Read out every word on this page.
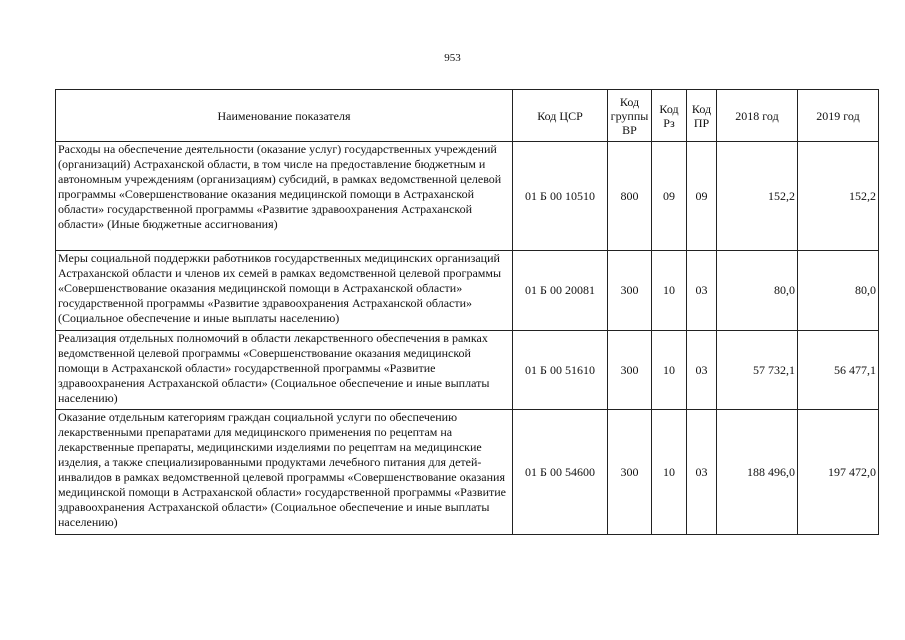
953
Наименование показателя	Код ЦСР	Код группы ВР	Код Рз	Код ПР	2018 год	2019 год
Расходы на обеспечение деятельности (оказание услуг) государственных учреждений (организаций) Астраханской области, в том числе на предоставление бюджетным и автономным учреждениям (организациям) субсидий, в рамках ведомственной целевой программы «Совершенствование оказания медицинской помощи в Астраханской области» государственной программы «Развитие здравоохранения Астраханской области» (Иные бюджетные ассигнования)	01 Б 00 10510	800	09	09	152,2	152,2
Меры социальной поддержки работников государственных медицинских организаций Астраханской области и членов их семей в рамках ведомственной целевой программы «Совершенствование оказания медицинской помощи в Астраханской области» государственной программы «Развитие здравоохранения Астраханской области» (Социальное обеспечение и иные выплаты населению)	01 Б 00 20081	300	10	03	80,0	80,0
Реализация отдельных полномочий в области лекарственного обеспечения в рамках ведомственной целевой программы «Совершенствование оказания медицинской помощи в Астраханской области» государственной программы «Развитие здравоохранения Астраханской области» (Социальное обеспечение и иные выплаты населению)	01 Б 00 51610	300	10	03	57 732,1	56 477,1
Оказание отдельным категориям граждан социальной услуги по обеспечению лекарственными препаратами для медицинского применения по рецептам на лекарственные препараты, медицинскими изделиями по рецептам на медицинские изделия, а также специализированными продуктами лечебного питания для детей-инвалидов в рамках ведомственной целевой программы «Совершенствование оказания медицинской помощи в Астраханской области» государственной программы «Развитие здравоохранения Астраханской области» (Социальное обеспечение и иные выплаты населению)	01 Б 00 54600	300	10	03	188 496,0	197 472,0
